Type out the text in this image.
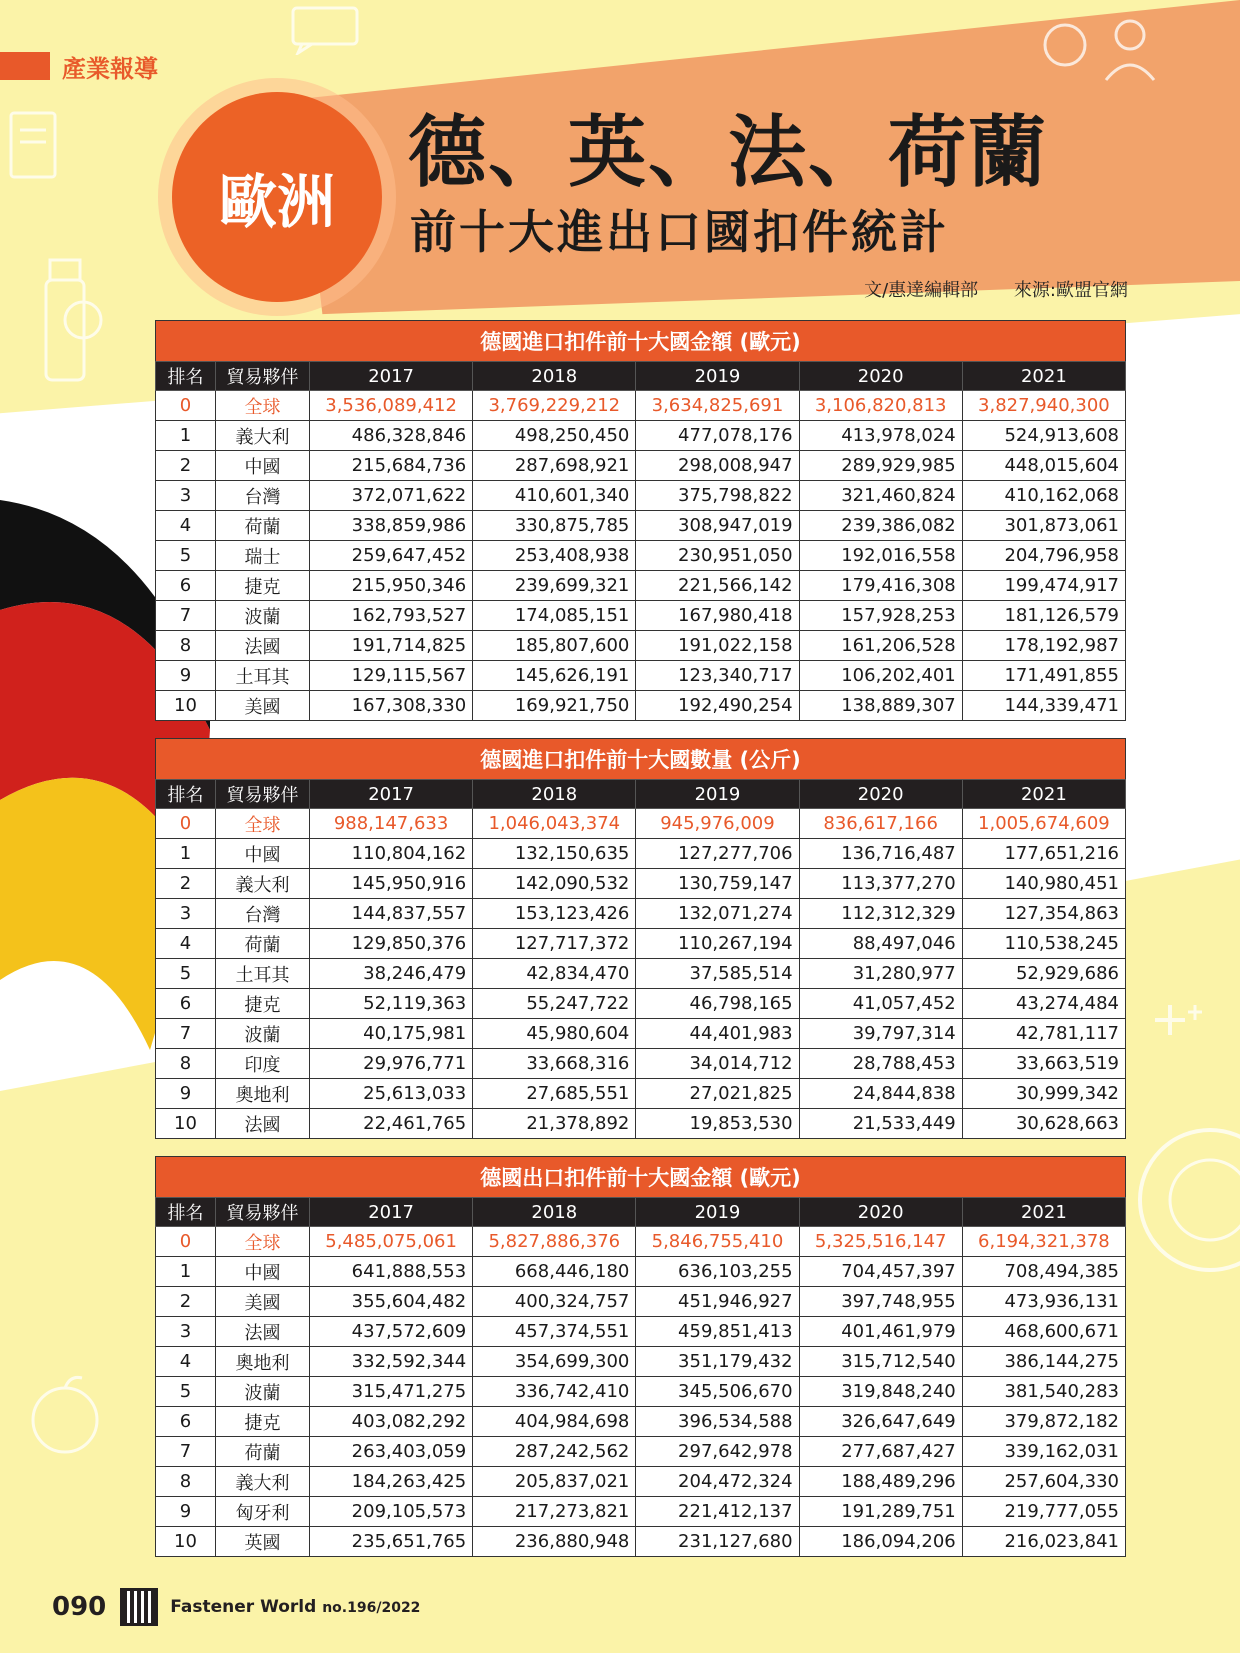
產業報導
歐洲
德、英、法、荷蘭
前十大進出口國扣件統計
文/惠達編輯部 來源:歐盟官網
德國進口扣件前十大國金額 (歐元)
排名	貿易夥伴	2017	2018	2019	2020	2021
0	全球	3,536,089,412	3,769,229,212	3,634,825,691	3,106,820,813	3,827,940,300
1	義大利	486,328,846	498,250,450	477,078,176	413,978,024	524,913,608
2	中國	215,684,736	287,698,921	298,008,947	289,929,985	448,015,604
3	台灣	372,071,622	410,601,340	375,798,822	321,460,824	410,162,068
4	荷蘭	338,859,986	330,875,785	308,947,019	239,386,082	301,873,061
5	瑞士	259,647,452	253,408,938	230,951,050	192,016,558	204,796,958
6	捷克	215,950,346	239,699,321	221,566,142	179,416,308	199,474,917
7	波蘭	162,793,527	174,085,151	167,980,418	157,928,253	181,126,579
8	法國	191,714,825	185,807,600	191,022,158	161,206,528	178,192,987
9	土耳其	129,115,567	145,626,191	123,340,717	106,202,401	171,491,855
10	美國	167,308,330	169,921,750	192,490,254	138,889,307	144,339,471
德國進口扣件前十大國數量 (公斤)
排名	貿易夥伴	2017	2018	2019	2020	2021
0	全球	988,147,633	1,046,043,374	945,976,009	836,617,166	1,005,674,609
1	中國	110,804,162	132,150,635	127,277,706	136,716,487	177,651,216
2	義大利	145,950,916	142,090,532	130,759,147	113,377,270	140,980,451
3	台灣	144,837,557	153,123,426	132,071,274	112,312,329	127,354,863
4	荷蘭	129,850,376	127,717,372	110,267,194	88,497,046	110,538,245
5	土耳其	38,246,479	42,834,470	37,585,514	31,280,977	52,929,686
6	捷克	52,119,363	55,247,722	46,798,165	41,057,452	43,274,484
7	波蘭	40,175,981	45,980,604	44,401,983	39,797,314	42,781,117
8	印度	29,976,771	33,668,316	34,014,712	28,788,453	33,663,519
9	奧地利	25,613,033	27,685,551	27,021,825	24,844,838	30,999,342
10	法國	22,461,765	21,378,892	19,853,530	21,533,449	30,628,663
德國出口扣件前十大國金額 (歐元)
排名	貿易夥伴	2017	2018	2019	2020	2021
0	全球	5,485,075,061	5,827,886,376	5,846,755,410	5,325,516,147	6,194,321,378
1	中國	641,888,553	668,446,180	636,103,255	704,457,397	708,494,385
2	美國	355,604,482	400,324,757	451,946,927	397,748,955	473,936,131
3	法國	437,572,609	457,374,551	459,851,413	401,461,979	468,600,671
4	奧地利	332,592,344	354,699,300	351,179,432	315,712,540	386,144,275
5	波蘭	315,471,275	336,742,410	345,506,670	319,848,240	381,540,283
6	捷克	403,082,292	404,984,698	396,534,588	326,647,649	379,872,182
7	荷蘭	263,403,059	287,242,562	297,642,978	277,687,427	339,162,031
8	義大利	184,263,425	205,837,021	204,472,324	188,489,296	257,604,330
9	匈牙利	209,105,573	217,273,821	221,412,137	191,289,751	219,777,055
10	英國	235,651,765	236,880,948	231,127,680	186,094,206	216,023,841
090	Fastener World no.196/2022
